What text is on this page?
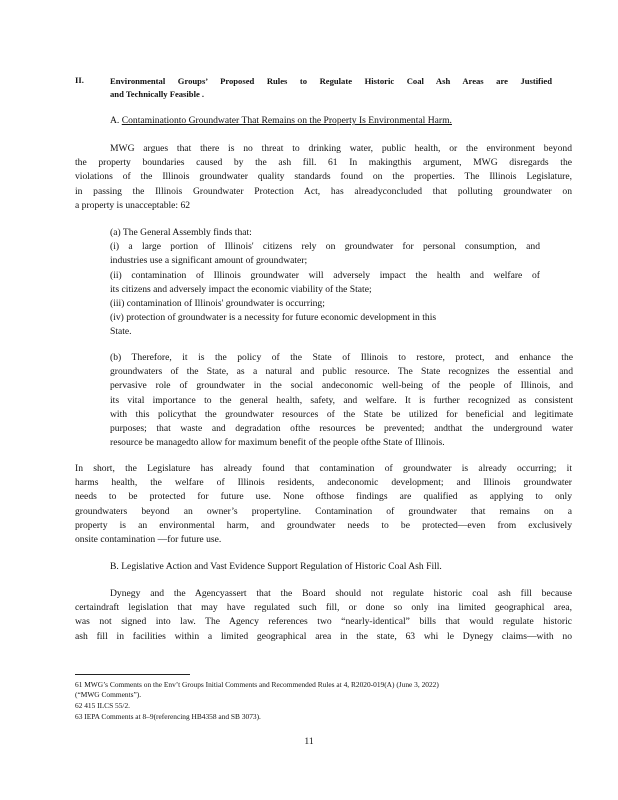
II.	Environmental Groups’ Proposed Rules to Regulate Historic Coal Ash Areas are Justified
and Technically Feasible .
A. Contaminationto Groundwater That Remains on the Property Is Environmental Harm.
MWG argues that there is no threat to drinking water, public health, or the environment beyond
the property boundaries caused by the ash fill. 61 In makingthis argument, MWG disregards the
violations of the Illinois groundwater quality standards found on the properties. The Illinois Legislature,
in passing the Illinois Groundwater Protection Act, has alreadyconcluded that polluting groundwater on
a property is unacceptable: 62
(a) The General Assembly finds that:
(i) a large portion of Illinois' citizens rely on groundwater for personal consumption, and
industries use a significant amount of groundwater;
(ii) contamination of Illinois groundwater will adversely impact the health and welfare of
its citizens and adversely impact the economic viability of the State;
(iii) contamination of Illinois' groundwater is occurring;
(iv) protection of groundwater is a necessity for future economic development in this
State.
(b) Therefore, it is the policy of the State of Illinois to restore, protect, and enhance the
groundwaters of the State, as a natural and public resource. The State recognizes the essential and
pervasive role of groundwater in the social andeconomic well-being of the people of Illinois, and
its vital importance to the general health, safety, and welfare. It is further recognized as consistent
with this policythat the groundwater resources of the State be utilized for beneficial and legitimate
purposes; that waste and degradation ofthe resources be prevented; andthat the underground water
resource be managedto allow for maximum benefit of the people ofthe State of Illinois.
In short, the Legislature has already found that contamination of groundwater is already occurring; it
harms health, the welfare of Illinois residents, andeconomic development; and Illinois groundwater
needs to be protected for future use. None ofthose findings are qualified as applying to only
groundwaters beyond an owner’s propertyline. Contamination of groundwater that remains on a
property is an environmental harm, and groundwater needs to be protected—even from exclusively
onsite contamination —for future use.
B. Legislative Action and Vast Evidence Support Regulation of Historic Coal Ash Fill.
Dynegy and the Agencyassert that the Board should not regulate historic coal ash fill because
certaindraft legislation that may have regulated such fill, or done so only ina limited geographical area,
was not signed into law. The Agency references two “nearly-identical” bills that would regulate historic
ash fill in facilities within a limited geographical area in the state, 63 whi le Dynegy claims—with no
61 MWG’s Comments on the Env’t Groups Initial Comments and Recommended Rules at 4, R2020-019(A) (June 3, 2022)
(“MWG Comments”).
62 415 ILCS 55/2.
63 IEPA Comments at 8–9(referencing HB4358 and SB 3073).
11
